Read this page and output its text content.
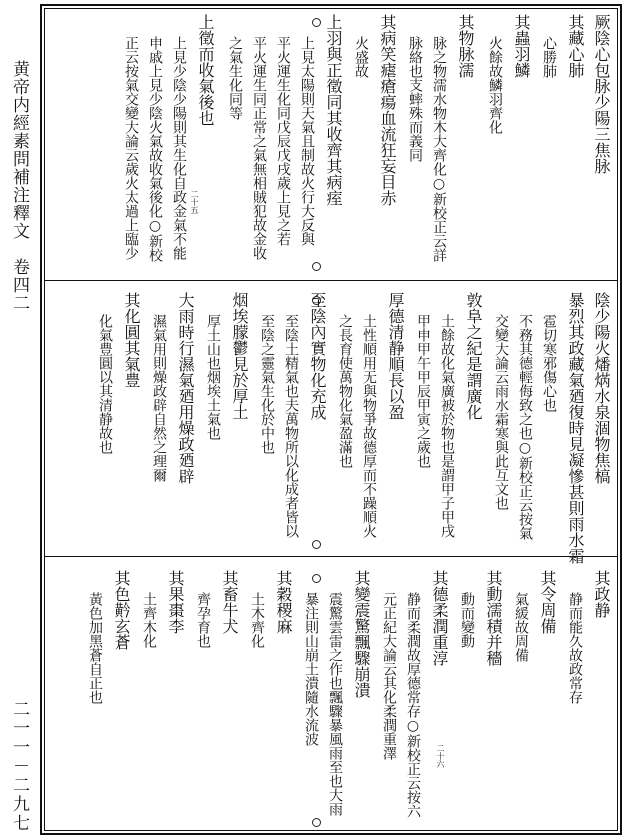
黄帝内經素問補注釋文　卷四二
二一一－二九七
厥陰心包脉少陽三焦脉
其藏心肺
心勝肺
其蟲羽鱗
火餘故鱗羽齊化
其物脉濡
脉之物濡水物木大齊化○新校正云詳
脉絡也支蟀殊而義同
其病笑瘧瘡瘍血流狂妄目赤
火盛故
上羽與正徵同其收齊其病痓
上見太陽則天氣且制故火行大反與
平火運生化同戊辰戊戌歲上見之若
平火運生同正常之氣無相賊犯故金收
之氣生化同等
上徵而收氣後也
上見少陰少陽則其生化自政金氣不能
申戚上見少陰火氣故收氣後化○新校
正云按氣交變大論云歲火太過上臨少	二十五
陰少陽火燔焫水泉涸物焦槁
暴烈其政藏氣廼復時見凝慘甚則雨水霜
雹切寒邪傷心也
不務其德輕侮致之也○新校正云按氣
交變大論云雨水霜寒與此互文也
敦阜之紀是謂廣化
土餘故化氣廣被於物也是謂甲子甲戌
甲申甲午甲辰甲寅之歲也
厚德清静順長以盈
土性順用无與物爭故德厚而不躁順火
之長育使萬物化氣盈滿也
至陰內實物化充成
至陰土精氣也夫萬物所以化成者皆以
至陰之靈氣生化於中也
烟埃朦鬱見於厚土
厚土山也烟埃土氣也
大雨時行濕氣廼用燥政廼辟
濕氣用則燥政辟自然之理爾
其化圓其氣豊
化氣豊圓以其清静故也
其政静
静而能久故政常存
其令周備
氣緩故周備
其動濡積并穡
動而變動
其德柔潤重淳
静而柔潤故厚德常存○新校正云按六
元正紀大論云其化柔潤重澤
其變震驚飄驟崩潰
震驚雲雷之作也飄驟暴風雨至也大雨
暴注則山崩土潰隨水流波
其穀稷麻
土木齊化
其畜牛犬
齊孕育也
其果棗李
土齊木化
其色黅玄蒼
黃色加黑蒼自正也
二十六
